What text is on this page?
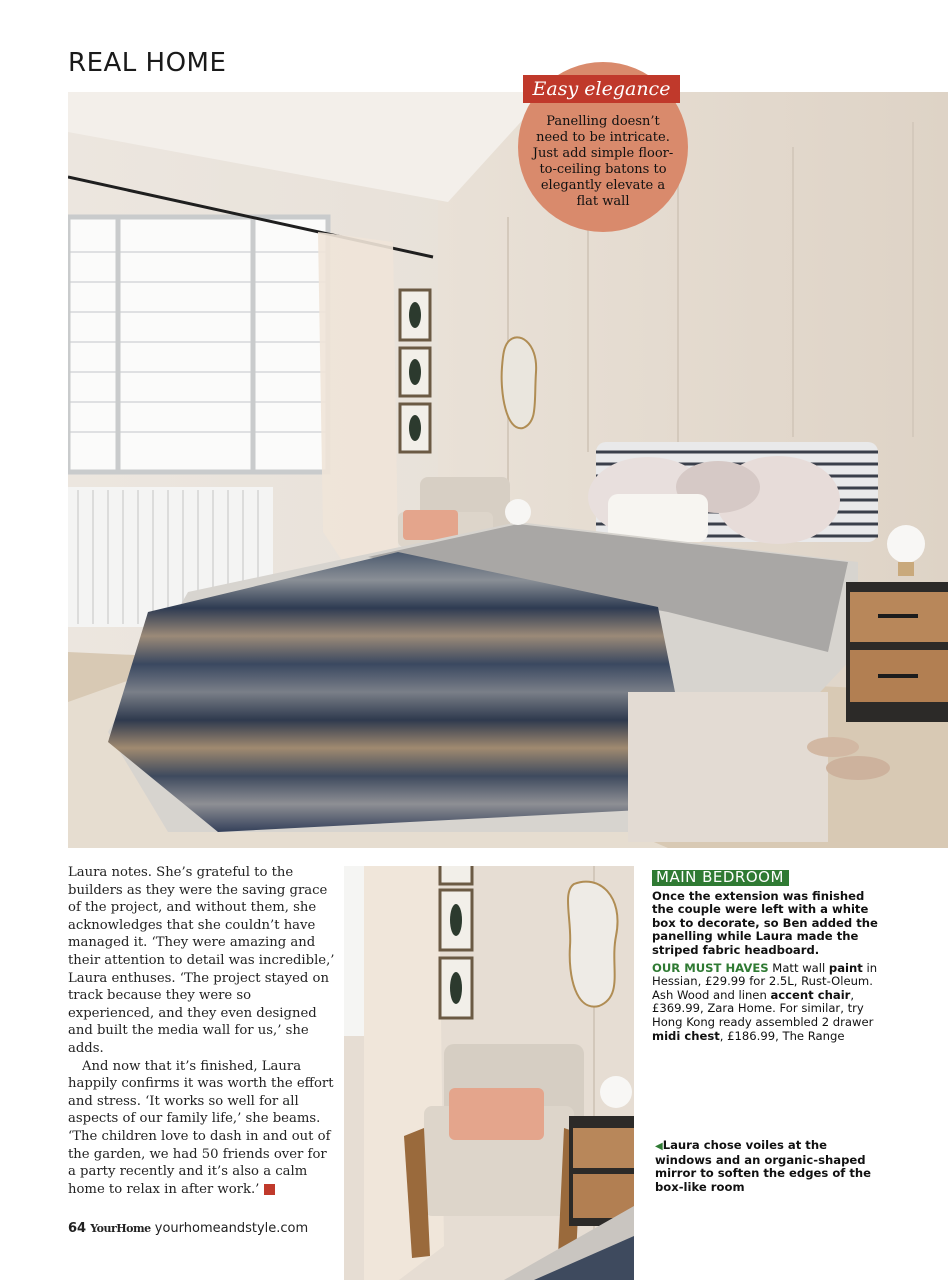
REAL HOME
Easy elegance
Panelling doesn’t need to be intricate. Just add simple floor-to-ceiling batons to elegantly elevate a flat wall

Laura notes. She’s grateful to the builders as they were the saving grace of the project, and without them, she acknowledges that she couldn’t have managed it. ‘They were amazing and their attention to detail was incredible,’ Laura enthuses. ‘The project stayed on track because they were so experienced, and they even designed and built the media wall for us,’ she adds.

And now that it’s finished, Laura happily confirms it was worth the effort and stress. ‘It works so well for all aspects of our family life,’ she beams. ‘The children love to dash in and out of the garden, we had 50 friends over for a party recently and it’s also a calm home to relax in after work.’	YH

64 YourHome yourhomeandstyle.com
MAIN BEDROOM
Once the extension was finished the couple were left with a white box to decorate, so Ben added the panelling while Laura made the striped fabric headboard.
OUR MUST HAVES Matt wall paint in Hessian, £29.99 for 2.5L, Rust-Oleum. Ash Wood and linen accent chair, £369.99, Zara Home. For similar, try Hong Kong ready assembled 2 drawer midi chest, £186.99, The Range
◀Laura chose voiles at the windows and an organic-shaped mirror to soften the edges of the box-like room
